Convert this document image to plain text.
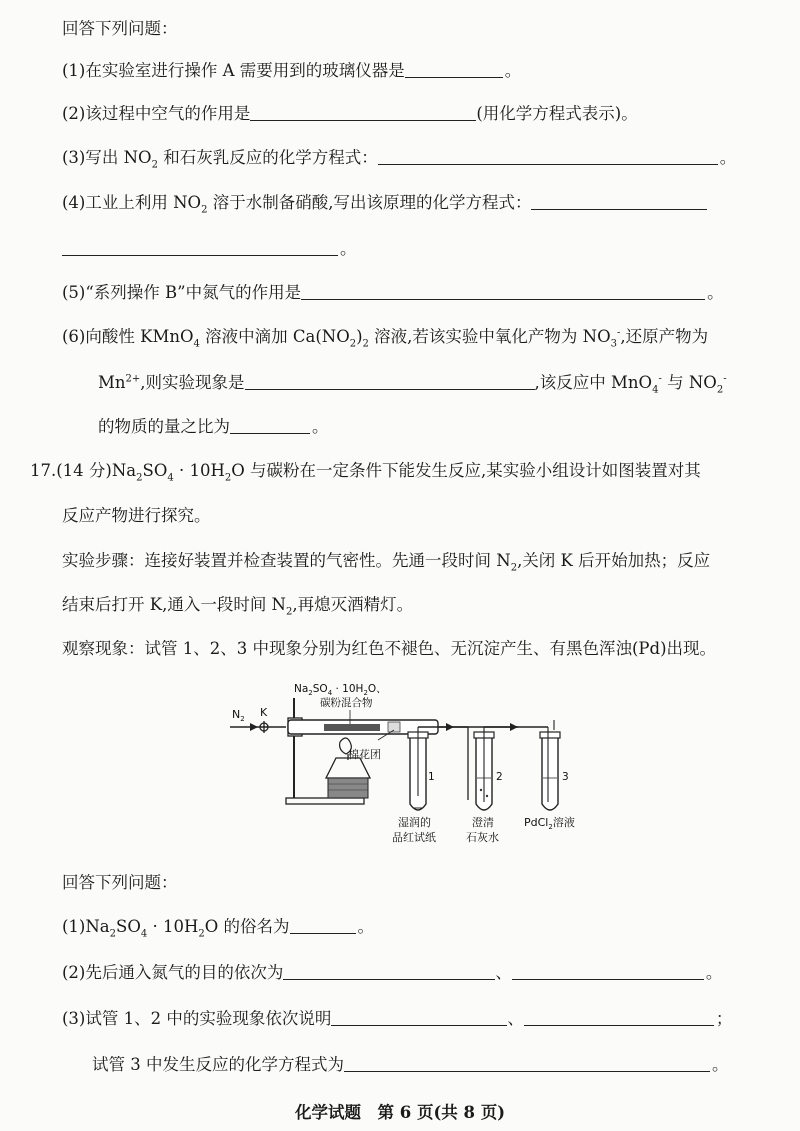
回答下列问题：
(1)在实验室进行操作 A 需要用到的玻璃仪器是	。
(2)该过程中空气的作用是	(用化学方程式表示)。
(3)写出 $NO_2$ 和石灰乳反应的化学方程式：	。
(4)工业上利用 $NO_2$ 溶于水制备硝酸,写出该原理的化学方程式：
。
(5)“系列操作 B”中氮气的作用是	。
(6)向酸性 KMnO$_4$ 溶液中滴加 $Ca(NO_2)_2$ 溶液,若该实验中氧化产物为 $NO_3^-$,还原产物为
$Mn^{2+}$,则实验现象是	,该反应中 MnO$_4$- 与 $NO_2^-$
的物质的量之比为	。
17.(14 分)$Na_2SO_4 \cdot 10H_2O$ 与碳粉在一定条件下能发生反应,某实验小组设计如图装置对其
反应产物进行探究。
实验步骤：连接好装置并检查装置的气密性。先通一段时间 $N_2$,关闭 K 后开始加热；反应
结束后打开 K,通入一段时间 $N_2$,再熄灭酒精灯。
观察现象：试管 1、2、3 中现象分别为红色不褪色、无沉淀产生、有黑色浑浊(Pd)出现。
$N_2$ K
$Na_2SO_4 \cdot 10H_2O$、
碳粉混合物
棉花团
1
湿润的
品红试纸
2
澄清
石灰水
3
PdCl$_2$溶液
回答下列问题：
$(1)Na_2SO_4 \cdot 10H_2O$ 的俗名为	。
(2)先后通入氮气的目的依次为	、	。
(3)试管 1、2 中的实验现象依次说明	、	；
试管 3 中发生反应的化学方程式为	。
化学试题　第 6 页(共 8 页)
